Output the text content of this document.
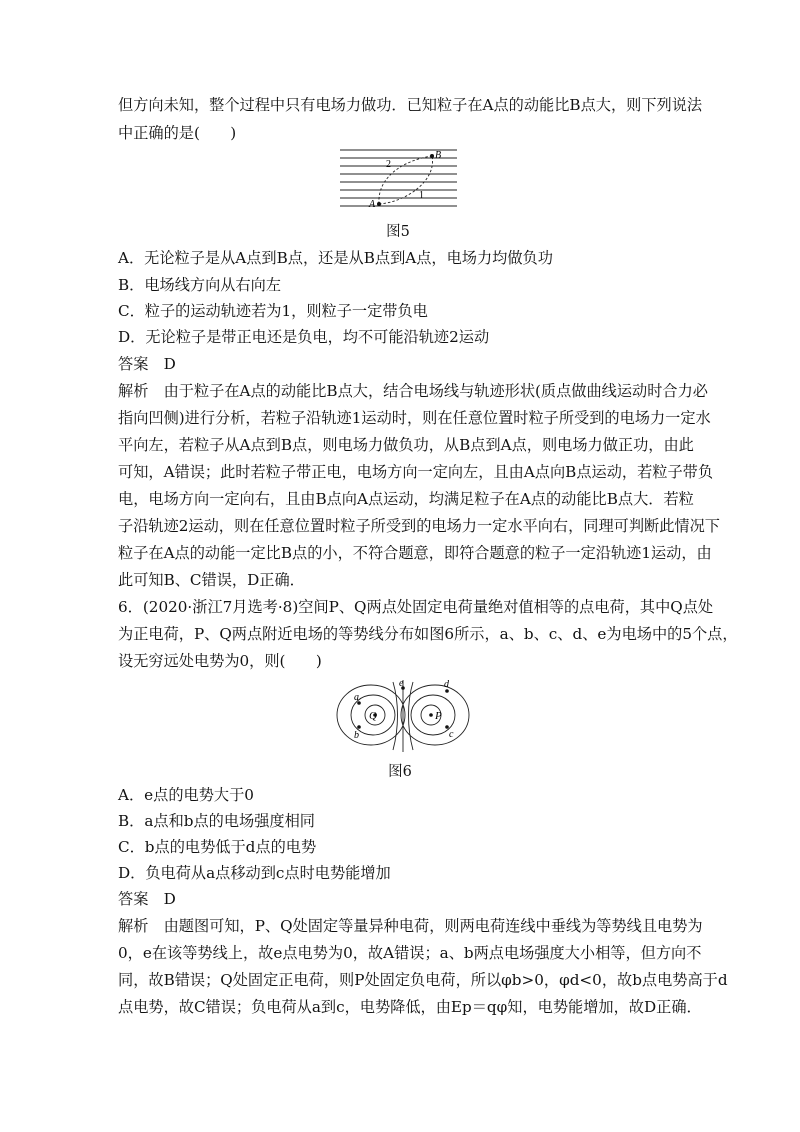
但方向未知，整个过程中只有电场力做功．已知粒子在A点的动能比B点大，则下列说法
中正确的是(　　)
B
A
2
1
图5
A．无论粒子是从A点到B点，还是从B点到A点，电场力均做负功
B．电场线方向从右向左
C．粒子的运动轨迹若为1，则粒子一定带负电
D．无论粒子是带正电还是负电，均不可能沿轨迹2运动
答案　D
解析　由于粒子在A点的动能比B点大，结合电场线与轨迹形状(质点做曲线运动时合力必
指向凹侧)进行分析，若粒子沿轨迹1运动时，则在任意位置时粒子所受到的电场力一定水
平向左，若粒子从A点到B点，则电场力做负功，从B点到A点，则电场力做正功，由此
可知，A错误；此时若粒子带正电，电场方向一定向左，且由A点向B点运动，若粒子带负
电，电场方向一定向右，且由B点向A点运动，均满足粒子在A点的动能比B点大．若粒
子沿轨迹2运动，则在任意位置时粒子所受到的电场力一定水平向右，同理可判断此情况下
粒子在A点的动能一定比B点的小，不符合题意，即符合题意的粒子一定沿轨迹1运动，由
此可知B、C错误，D正确．
6．(2020·浙江7月选考·8)空间P、Q两点处固定电荷量绝对值相等的点电荷，其中Q点处
为正电荷，P、Q两点附近电场的等势线分布如图6所示，a、b、c、d、e为电场中的5个点，
设无穷远处电势为0，则(　　)
Q	P
a
b	c
d
e
图6
A．e点的电势大于0
B．a点和b点的电场强度相同
C．b点的电势低于d点的电势
D．负电荷从a点移动到c点时电势能增加
答案　D
解析　由题图可知，P、Q处固定等量异种电荷，则两电荷连线中垂线为等势线且电势为
0，e在该等势线上，故e点电势为0，故A错误；a、b两点电场强度大小相等，但方向不
同，故B错误；Q处固定正电荷，则P处固定负电荷，所以φb>0，φd<0，故b点电势高于d
点电势，故C错误；负电荷从a到c，电势降低，由Ep＝qφ知，电势能增加，故D正确．
